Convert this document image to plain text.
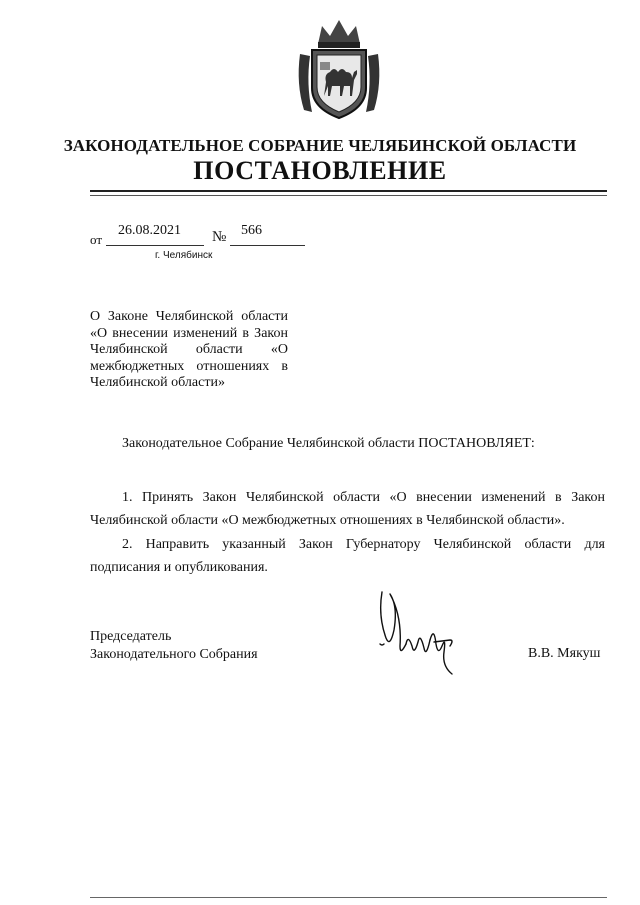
ЗАКОНОДАТЕЛЬНОЕ СОБРАНИЕ ЧЕЛЯБИНСКОЙ ОБЛАСТИ
ПОСТАНОВЛЕНИЕ
от
26.08.2021 № 566
г. Челябинск
О Законе Челябинской области «О внесении изменений в Закон Челябинской области «О межбюджетных отношениях в Челябинской области»
Законодательное Собрание Челябинской области ПОСТАНОВЛЯЕТ:
1. Принять Закон Челябинской области «О внесении изменений в Закон Челябинской области «О межбюджетных отношениях в Челябинской области».
2. Направить указанный Закон Губернатору Челябинской области для подписания и опубликования.
Председатель
Законодательного Собрания	В.В. Мякуш
